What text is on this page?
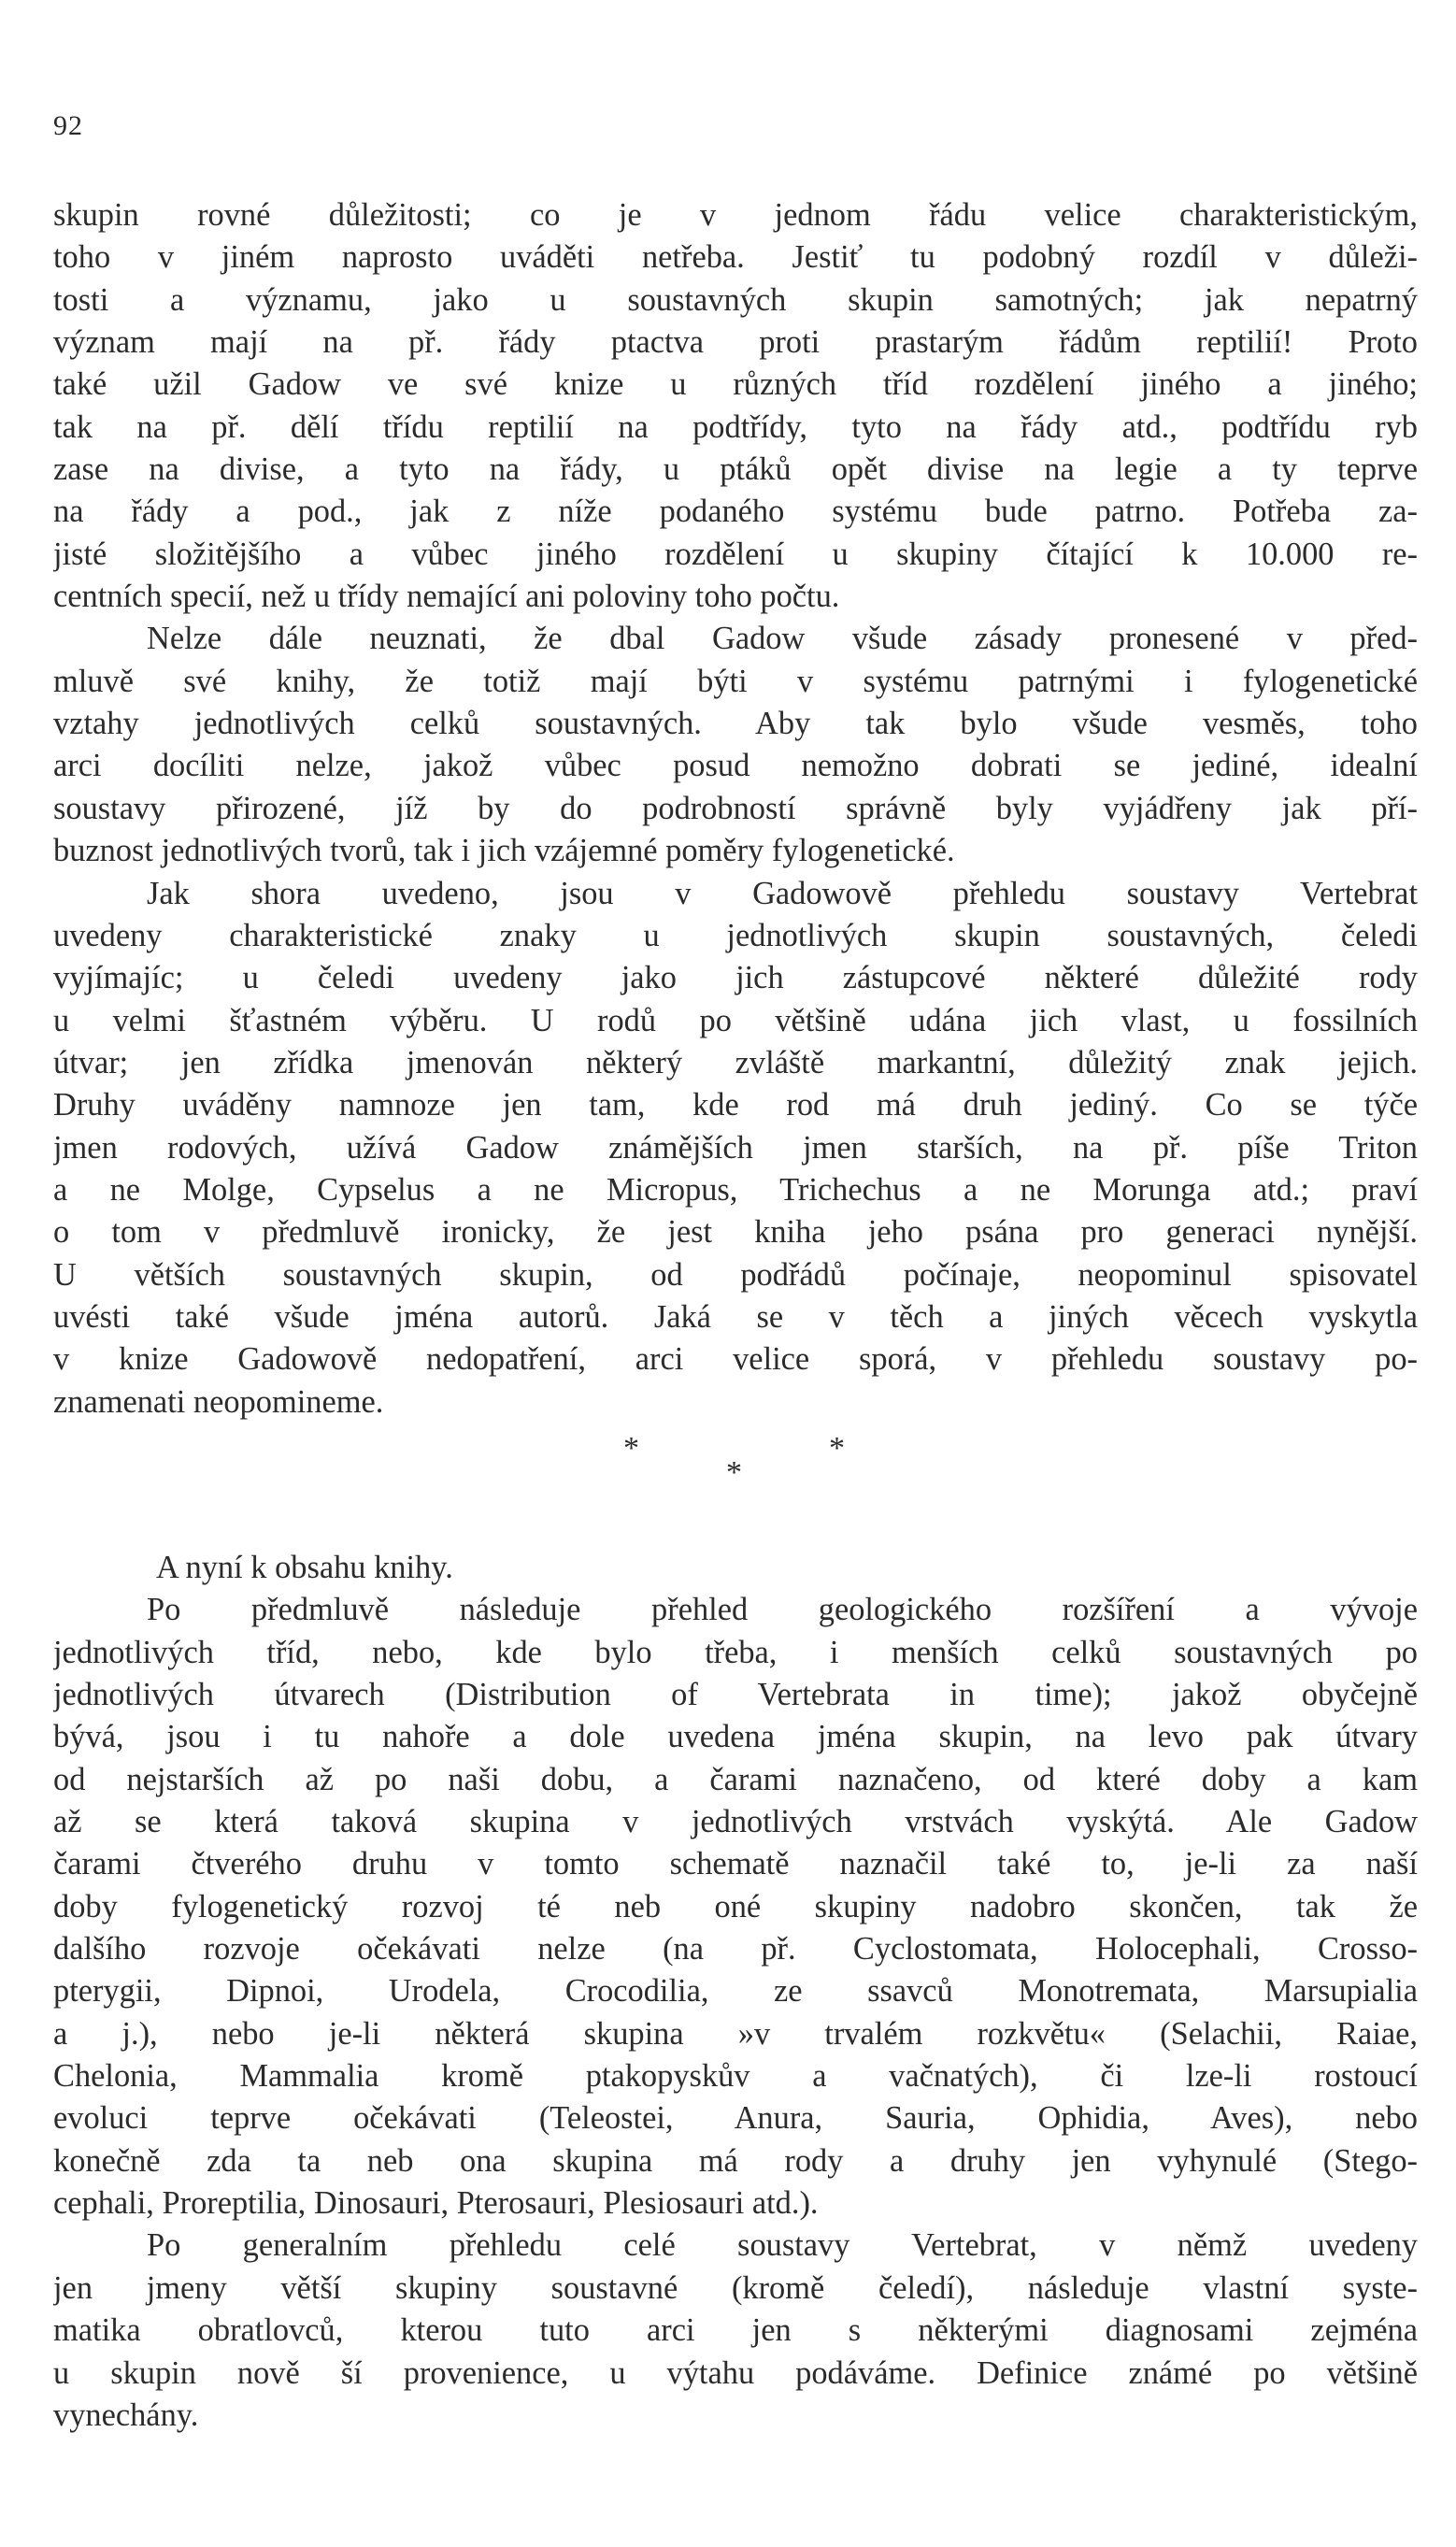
92
skupin rovné důležitosti; co je v jednom řádu velice charakteristickým,
toho v jiném naprosto uváděti netřeba. Jestiť tu podobný rozdíl v důleži-
tosti a významu, jako u soustavných skupin samotných; jak nepatrný
význam mají na př. řády ptactva proti prastarým řádům reptilií! Proto
také užil Gadow ve své knize u různých tříd rozdělení jiného a jiného;
tak na př. dělí třídu reptilií na podtřídy, tyto na řády atd., podtřídu ryb
zase na divise, a tyto na řády, u ptáků opět divise na legie a ty teprve
na řády a pod., jak z níže podaného systému bude patrno. Potřeba za-
jisté složitějšího a vůbec jiného rozdělení u skupiny čítající k 10.000 re-
centních specií, než u třídy nemající ani poloviny toho počtu.
Nelze dále neuznati, že dbal Gadow všude zásady pronesené v před-
mluvě své knihy, že totiž mají býti v systému patrnými i fylogenetické
vztahy jednotlivých celků soustavných. Aby tak bylo všude vesměs, toho
arci docíliti nelze, jakož vůbec posud nemožno dobrati se jediné, idealní
soustavy přirozené, jíž by do podrobností správně byly vyjádřeny jak pří-
buznost jednotlivých tvorů, tak i jich vzájemné poměry fylogenetické.
Jak shora uvedeno, jsou v Gadowově přehledu soustavy Vertebrat
uvedeny charakteristické znaky u jednotlivých skupin soustavných, čeledi
vyjímajíc; u čeledi uvedeny jako jich zástupcové některé důležité rody
u velmi šťastném výběru. U rodů po většině udána jich vlast, u fossilních
útvar; jen zřídka jmenován některý zvláště markantní, důležitý znak jejich.
Druhy uváděny namnoze jen tam, kde rod má druh jediný. Co se týče
jmen rodových, užívá Gadow známějších jmen starších, na př. píše Triton
a ne Molge, Cypselus a ne Micropus, Trichechus a ne Morunga atd.; praví
o tom v předmluvě ironicky, že jest kniha jeho psána pro generaci nynější.
U větších soustavných skupin, od podřádů počínaje, neopominul spisovatel
uvésti také všude jména autorů. Jaká se v těch a jiných věcech vyskytla
v knize Gadowově nedopatření, arci velice sporá, v přehledu soustavy po-
znamenati neopomineme.
*
*
*
A nyní k obsahu knihy.
Po předmluvě následuje přehled geologického rozšíření a vývoje
jednotlivých tříd, nebo, kde bylo třeba, i menších celků soustavných po
jednotlivých útvarech (Distribution of Vertebrata in time); jakož obyčejně
bývá, jsou i tu nahoře a dole uvedena jména skupin, na levo pak útvary
od nejstarších až po naši dobu, a čarami naznačeno, od které doby a kam
až se která taková skupina v jednotlivých vrstvách vyskýtá. Ale Gadow
čarami čtverého druhu v tomto schematě naznačil také to, je-li za naší
doby fylogenetický rozvoj té neb oné skupiny nadobro skončen, tak že
dalšího rozvoje očekávati nelze (na př. Cyclostomata, Holocephali, Crosso-
pterygii, Dipnoi, Urodela, Crocodilia, ze ssavců Monotremata, Marsupialia
a j.), nebo je-li některá skupina »v trvalém rozkvětu« (Selachii, Raiae,
Chelonia, Mammalia kromě ptakopyskův a vačnatých), či lze-li rostoucí
evoluci teprve očekávati (Teleostei, Anura, Sauria, Ophidia, Aves), nebo
konečně zda ta neb ona skupina má rody a druhy jen vyhynulé (Stego-
cephali, Proreptilia, Dinosauri, Pterosauri, Plesiosauri atd.).
Po generalním přehledu celé soustavy Vertebrat, v němž uvedeny
jen jmeny větší skupiny soustavné (kromě čeledí), následuje vlastní syste-
matika obratlovců, kterou tuto arci jen s některými diagnosami zejména
u skupin nově ší provenience, u výtahu podáváme. Definice známé po většině
vynechány.
